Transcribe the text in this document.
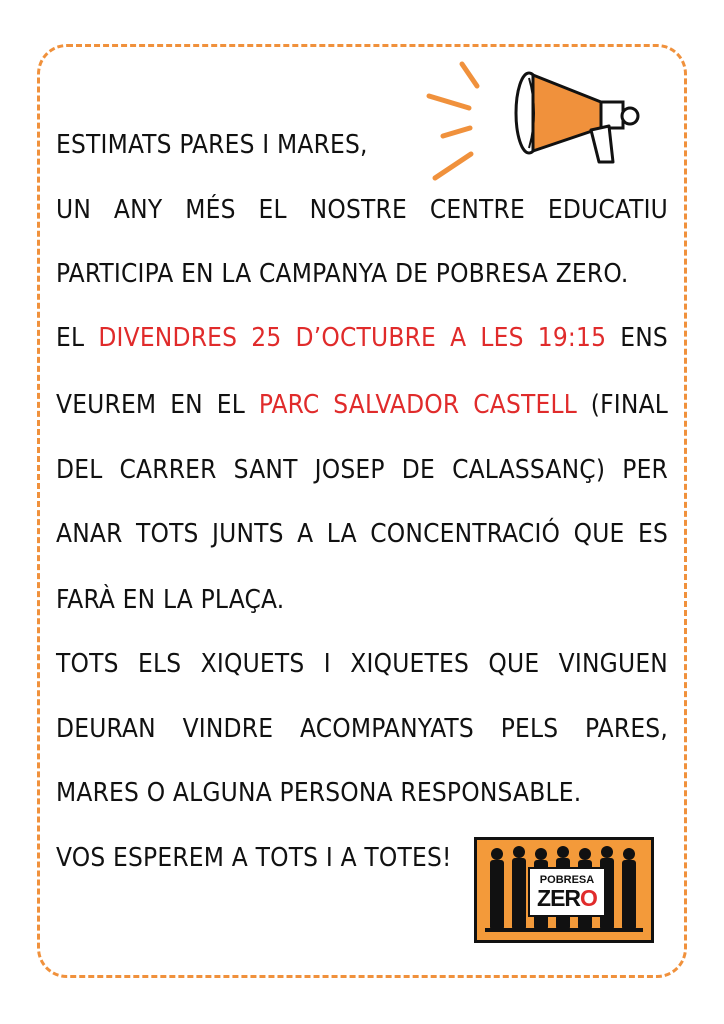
ESTIMATS PARES I MARES,
UN ANY MÉS EL NOSTRE CENTRE EDUCATIU
PARTICIPA EN LA CAMPANYA DE POBRESA ZERO.
EL DIVENDRES 25 D’OCTUBRE A LES 19:15 ENS
VEUREM EN EL PARC SALVADOR CASTELL (FINAL
DEL CARRER SANT JOSEP DE CALASSANÇ) PER
ANAR TOTS JUNTS A LA CONCENTRACIÓ QUE ES
FARÀ EN LA PLAÇA.
TOTS ELS XIQUETS I XIQUETES QUE VINGUEN
DEURAN VINDRE ACOMPANYATS PELS PARES,
MARES O ALGUNA PERSONA RESPONSABLE.
VOS ESPEREM A TOTS I A TOTES!
POBRESA
ZERO
